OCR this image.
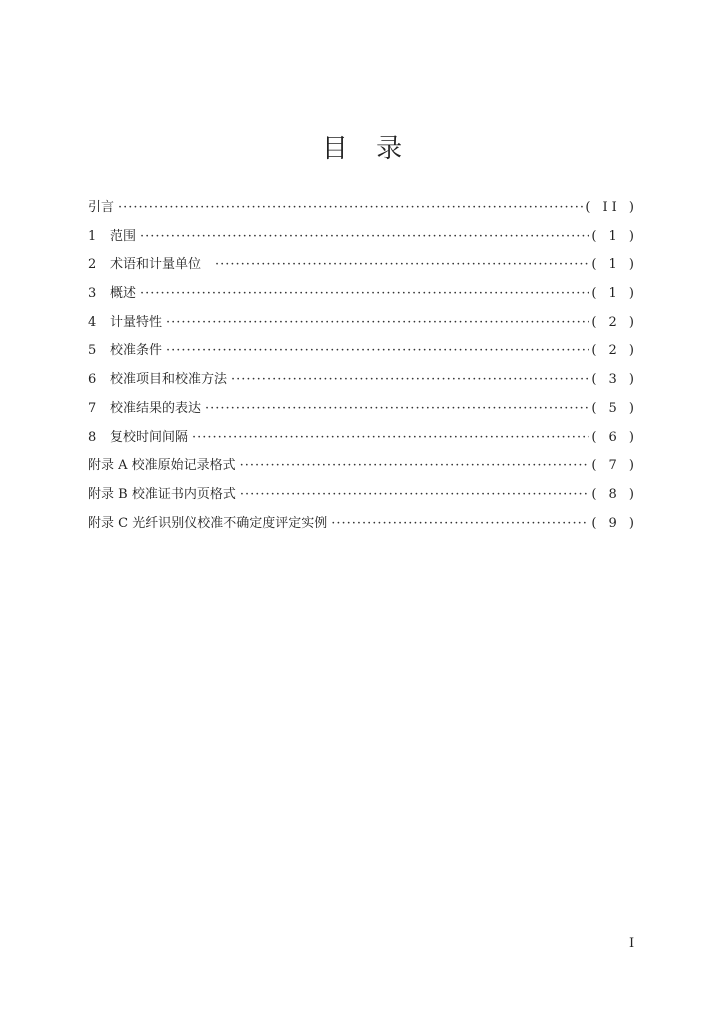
目 录
引言 ·····	( II )
1	范围 ·····	( 1 )
2	术语和计量单位 ·····	( 1 )
3	概述 ·····	( 1 )
4	计量特性 ·····	( 2 )
5	校准条件 ·····	( 2 )
6	校准项目和校准方法 ·····	( 3 )
7	校准结果的表达 ·····	( 5 )
8	复校时间间隔 ·····	( 6 )
附录 A 校准原始记录格式 ·····	( 7 )
附录 B 校准证书内页格式 ·····	( 8 )
附录 C 光纤识别仪校准不确定度评定实例 ·····	( 9 )
I
